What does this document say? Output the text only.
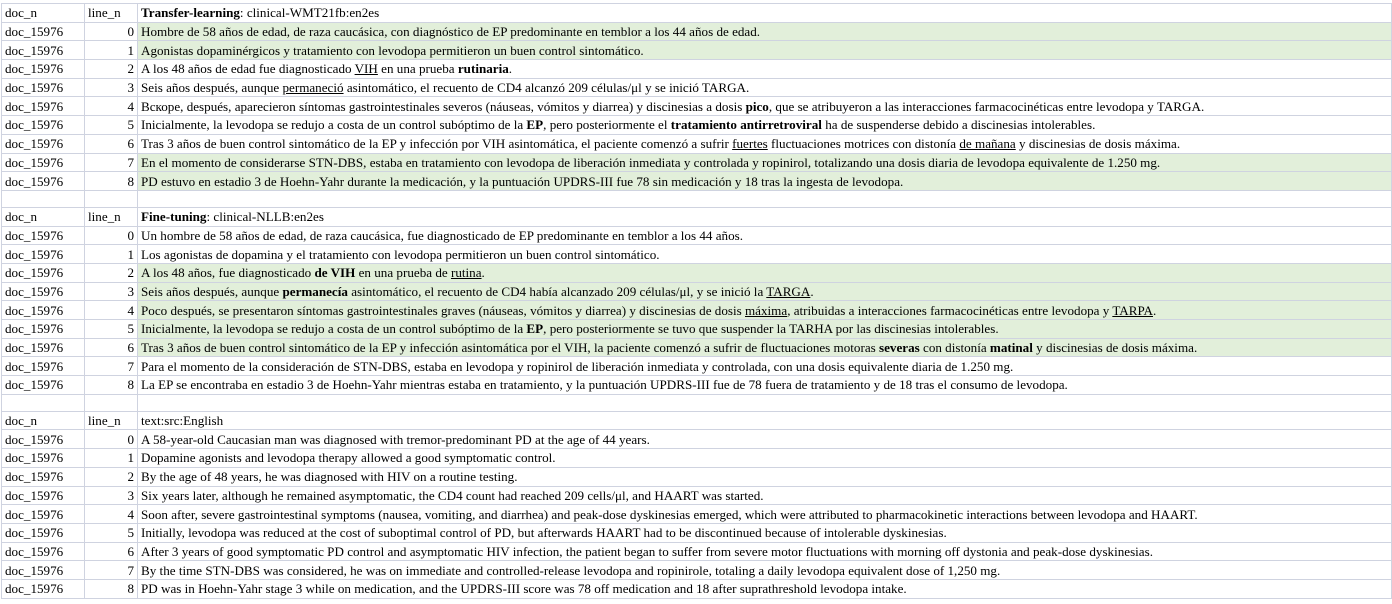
doc_n	line_n	Transfer-learning: clinical-WMT21fb:en2es
doc_15976	0	Hombre de 58 años de edad, de raza caucásica, con diagnóstico de EP predominante en temblor a los 44 años de edad.
doc_15976	1	Agonistas dopaminérgicos y tratamiento con levodopa permitieron un buen control sintomático.
doc_15976	2	A los 48 años de edad fue diagnosticado VIH en una prueba rutinaria.
doc_15976	3	Seis años después, aunque permaneció asintomático, el recuento de CD4 alcanzó 209 células/μl y se inició TARGA.
doc_15976	4	Вскоре, después, aparecieron síntomas gastrointestinales severos (náuseas, vómitos y diarrea) y discinesias a dosis pico, que se atribuyeron a las interacciones farmacocinéticas entre levodopa y TARGA.
doc_15976	5	Inicialmente, la levodopa se redujo a costa de un control subóptimo de la EP, pero posteriormente el tratamiento antirretroviral ha de suspenderse debido a discinesias intolerables.
doc_15976	6	Tras 3 años de buen control sintomático de la EP y infección por VIH asintomática, el paciente comenzó a sufrir fuertes fluctuaciones motrices con distonía de mañana y discinesias de dosis máxima.
doc_15976	7	En el momento de considerarse STN-DBS, estaba en tratamiento con levodopa de liberación inmediata y controlada y ropinirol, totalizando una dosis diaria de levodopa equivalente de 1.250 mg.
doc_15976	8	PD estuvo en estadio 3 de Hoehn-Yahr durante la medicación, y la puntuación UPDRS-III fue 78 sin medicación y 18 tras la ingesta de levodopa.

doc_n	line_n	Fine-tuning: clinical-NLLB:en2es
doc_15976	0	Un hombre de 58 años de edad, de raza caucásica, fue diagnosticado de EP predominante en temblor a los 44 años.
doc_15976	1	Los agonistas de dopamina y el tratamiento con levodopa permitieron un buen control sintomático.
doc_15976	2	A los 48 años, fue diagnosticado de VIH en una prueba de rutina.
doc_15976	3	Seis años después, aunque permanecía asintomático, el recuento de CD4 había alcanzado 209 células/μl, y se inició la TARGA.
doc_15976	4	Poco después, se presentaron síntomas gastrointestinales graves (náuseas, vómitos y diarrea) y discinesias de dosis máxima, atribuidas a interacciones farmacocinéticas entre levodopa y TARPA.
doc_15976	5	Inicialmente, la levodopa se redujo a costa de un control subóptimo de la EP, pero posteriormente se tuvo que suspender la TARHA por las discinesias intolerables.
doc_15976	6	Tras 3 años de buen control sintomático de la EP y infección asintomática por el VIH, la paciente comenzó a sufrir de fluctuaciones motoras severas con distonía matinal y discinesias de dosis máxima.
doc_15976	7	Para el momento de la consideración de STN-DBS, estaba en levodopa y ropinirol de liberación inmediata y controlada, con una dosis equivalente diaria de 1.250 mg.
doc_15976	8	La EP se encontraba en estadio 3 de Hoehn-Yahr mientras estaba en tratamiento, y la puntuación UPDRS-III fue de 78 fuera de tratamiento y de 18 tras el consumo de levodopa.

doc_n	line_n	text:src:English
doc_15976	0	A 58-year-old Caucasian man was diagnosed with tremor-predominant PD at the age of 44 years.
doc_15976	1	Dopamine agonists and levodopa therapy allowed a good symptomatic control.
doc_15976	2	By the age of 48 years, he was diagnosed with HIV on a routine testing.
doc_15976	3	Six years later, although he remained asymptomatic, the CD4 count had reached 209 cells/μl, and HAART was started.
doc_15976	4	Soon after, severe gastrointestinal symptoms (nausea, vomiting, and diarrhea) and peak-dose dyskinesias emerged, which were attributed to pharmacokinetic interactions between levodopa and HAART.
doc_15976	5	Initially, levodopa was reduced at the cost of suboptimal control of PD, but afterwards HAART had to be discontinued because of intolerable dyskinesias.
doc_15976	6	After 3 years of good symptomatic PD control and asymptomatic HIV infection, the patient began to suffer from severe motor fluctuations with morning off dystonia and peak-dose dyskinesias.
doc_15976	7	By the time STN-DBS was considered, he was on immediate and controlled-release levodopa and ropinirole, totaling a daily levodopa equivalent dose of 1,250 mg.
doc_15976	8	PD was in Hoehn-Yahr stage 3 while on medication, and the UPDRS-III score was 78 off medication and 18 after suprathreshold levodopa intake.
